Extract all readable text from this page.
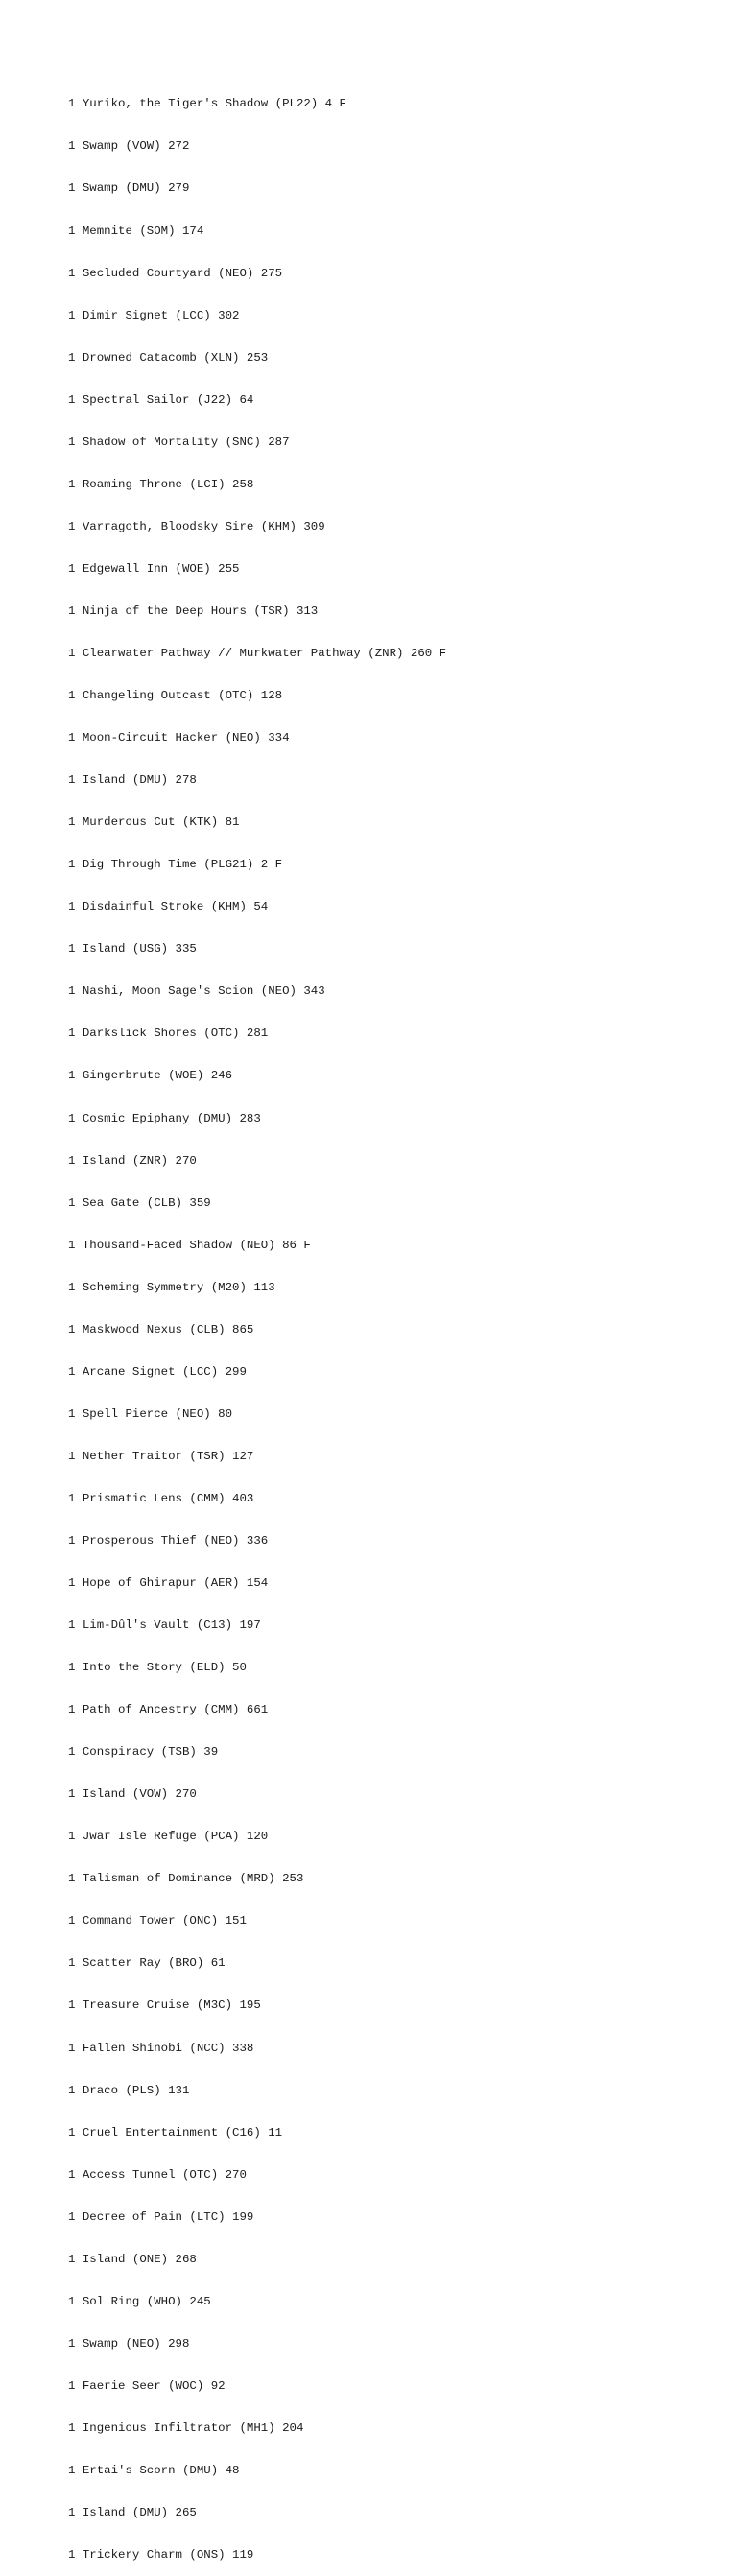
1 Yuriko, the Tiger's Shadow (PL22) 4 F

1 Swamp (VOW) 272

1 Swamp (DMU) 279

1 Memnite (SOM) 174

1 Secluded Courtyard (NEO) 275

1 Dimir Signet (LCC) 302

1 Drowned Catacomb (XLN) 253

1 Spectral Sailor (J22) 64

1 Shadow of Mortality (SNC) 287

1 Roaming Throne (LCI) 258

1 Varragoth, Bloodsky Sire (KHM) 309

1 Edgewall Inn (WOE) 255

1 Ninja of the Deep Hours (TSR) 313

1 Clearwater Pathway // Murkwater Pathway (ZNR) 260 F

1 Changeling Outcast (OTC) 128

1 Moon-Circuit Hacker (NEO) 334

1 Island (DMU) 278

1 Murderous Cut (KTK) 81

1 Dig Through Time (PLG21) 2 F

1 Disdainful Stroke (KHM) 54

1 Island (USG) 335

1 Nashi, Moon Sage's Scion (NEO) 343

1 Darkslick Shores (OTC) 281

1 Gingerbrute (WOE) 246

1 Cosmic Epiphany (DMU) 283

1 Island (ZNR) 270

1 Sea Gate (CLB) 359

1 Thousand-Faced Shadow (NEO) 86 F

1 Scheming Symmetry (M20) 113

1 Maskwood Nexus (CLB) 865

1 Arcane Signet (LCC) 299

1 Spell Pierce (NEO) 80

1 Nether Traitor (TSR) 127

1 Prismatic Lens (CMM) 403

1 Prosperous Thief (NEO) 336

1 Hope of Ghirapur (AER) 154

1 Lim-Dûl's Vault (C13) 197

1 Into the Story (ELD) 50

1 Path of Ancestry (CMM) 661

1 Conspiracy (TSB) 39

1 Island (VOW) 270

1 Jwar Isle Refuge (PCA) 120

1 Talisman of Dominance (MRD) 253

1 Command Tower (ONC) 151

1 Scatter Ray (BRO) 61

1 Treasure Cruise (M3C) 195

1 Fallen Shinobi (NCC) 338

1 Draco (PLS) 131

1 Cruel Entertainment (C16) 11

1 Access Tunnel (OTC) 270

1 Decree of Pain (LTC) 199

1 Island (ONE) 268

1 Sol Ring (WHO) 245

1 Swamp (NEO) 298

1 Faerie Seer (WOC) 92

1 Ingenious Infiltrator (MH1) 204

1 Ertai's Scorn (DMU) 48

1 Island (DMU) 265

1 Trickery Charm (ONS) 119
